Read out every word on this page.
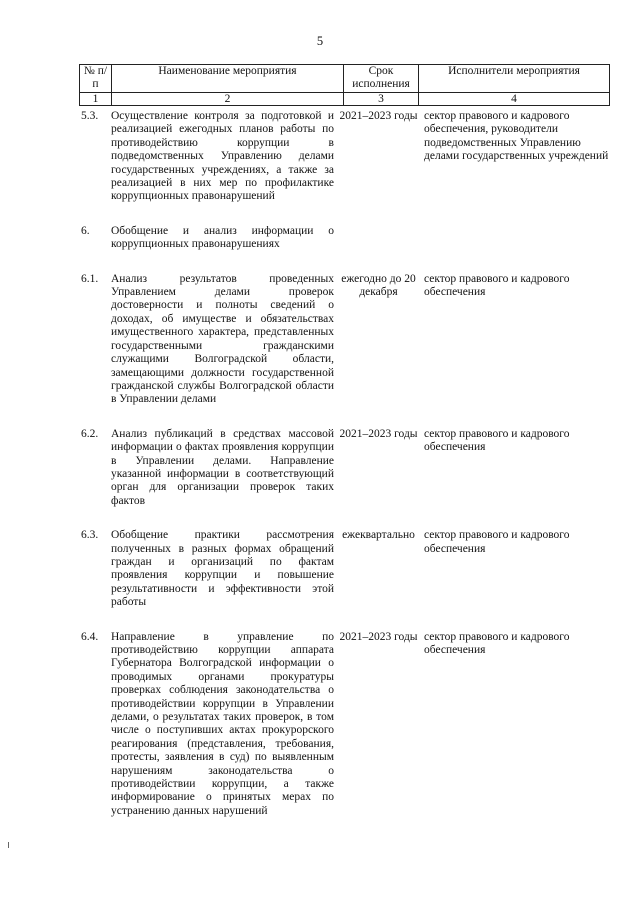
5
№ п/п	Наименование мероприятия	Срок исполнения	Исполнители мероприятия
1	2	3	4
5.3.	Осуществление контроля за подготовкой и реализацией ежегодных планов работы по противодействию коррупции в подведомственных Управлению делами государственных учреждениях, а также за реализацией в них мер по профилактике коррупционных правонарушений	2021–2023 годы	сектор правового и кадрового обеспечения, руководители подведомственных Управлению делами государственных учреждений
6.	Обобщение и анализ информации о коррупционных правонарушениях		
6.1.	Анализ результатов проведенных Управлением делами проверок достоверности и полноты сведений о доходах, об имуществе и обязательствах имущественного характера, представленных государственными гражданскими служащими Волгоградской области, замещающими должности государственной гражданской службы Волгоградской области в Управлении делами	ежегодно до 20 декабря	сектор правового и кадрового обеспечения
6.2.	Анализ публикаций в средствах массовой информации о фактах проявления коррупции в Управлении делами. Направление указанной информации в соответствующий орган для организации проверок таких фактов	2021–2023 годы	сектор правового и кадрового обеспечения
6.3.	Обобщение практики рассмотрения полученных в разных формах обращений граждан и организаций по фактам проявления коррупции и повышение результативности и эффективности этой работы	ежеквартально	сектор правового и кадрового обеспечения
6.4.	Направление в управление по противодействию коррупции аппарата Губернатора Волгоградской информации о проводимых органами прокуратуры проверках соблюдения законодательства о противодействии коррупции в Управлении делами, о результатах таких проверок, в том числе о поступивших актах прокурорского реагирования (представления, требования, протесты, заявления в суд) по выявленным нарушениям законодательства о противодействии коррупции, а также информирование о принятых мерах по устранению данных нарушений	2021–2023 годы	сектор правового и кадрового обеспечения
